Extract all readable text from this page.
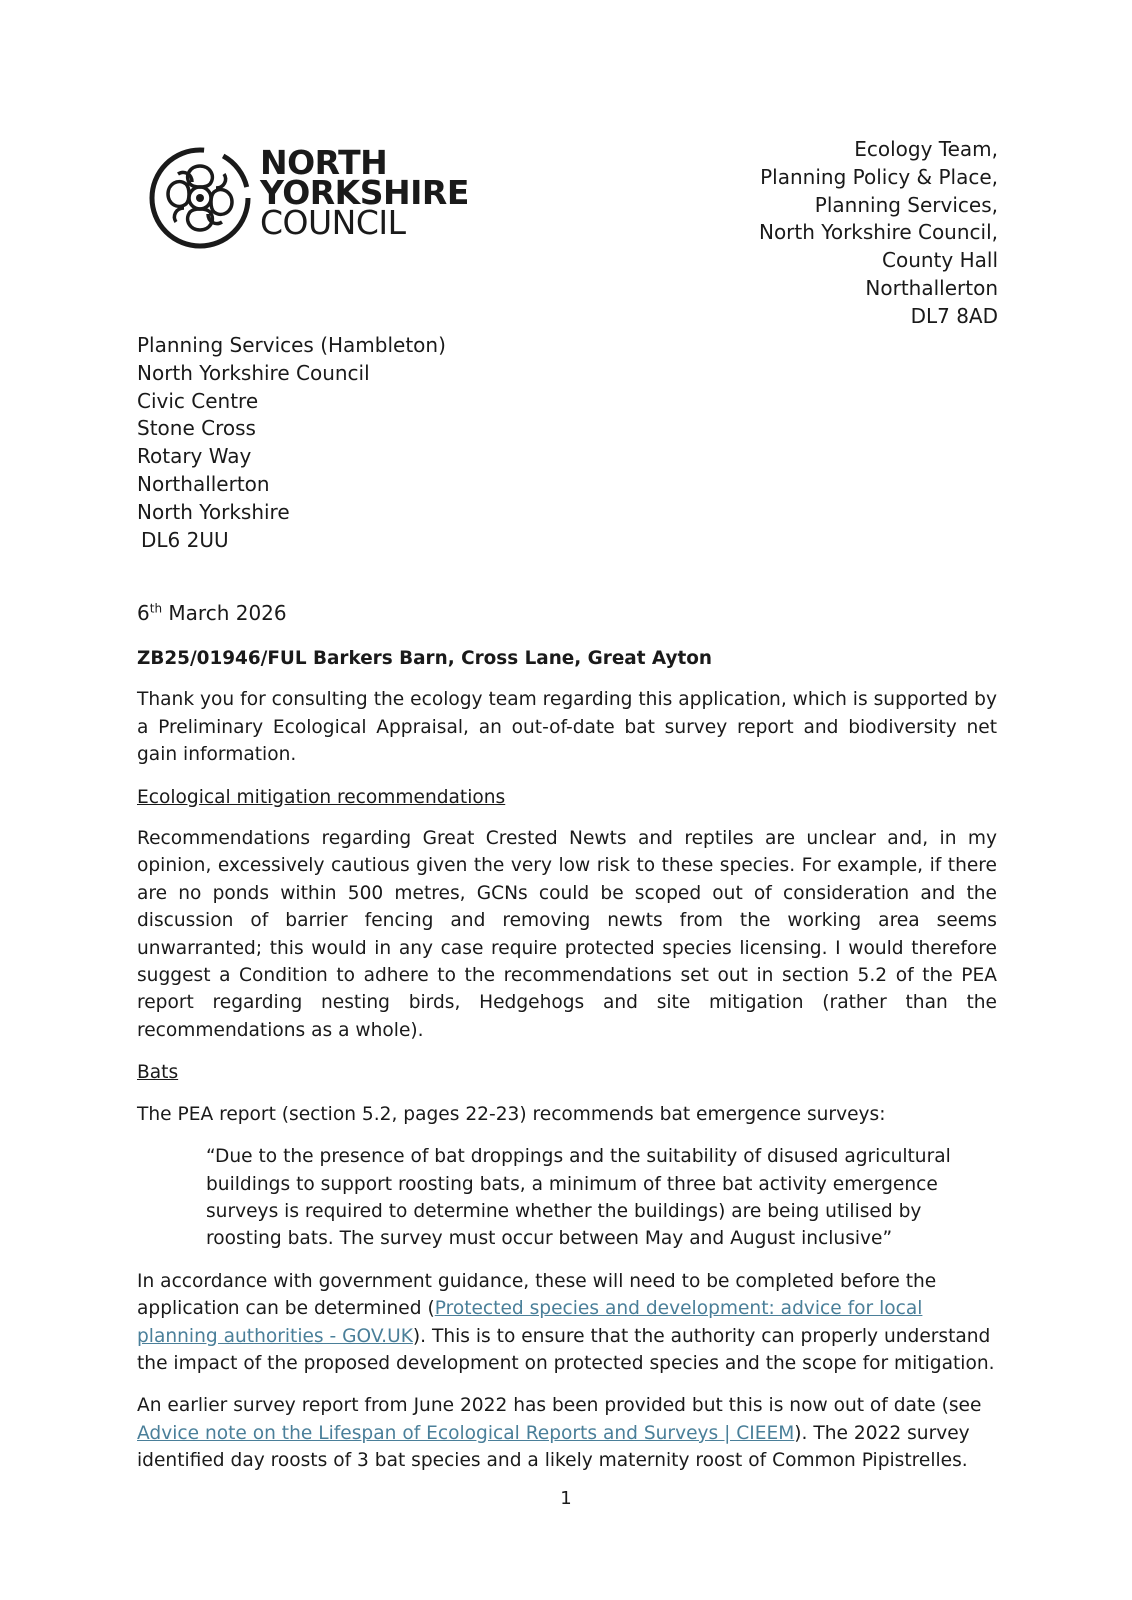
NORTH
YORKSHIRE
COUNCIL
Ecology Team,
Planning Policy & Place,
Planning Services,
North Yorkshire Council,
County Hall
Northallerton
DL7 8AD
Planning Services (Hambleton)
North Yorkshire Council
Civic Centre
Stone Cross
Rotary Way
Northallerton
North Yorkshire
DL6 2UU
6th March 2026

ZB25/01946/FUL Barkers Barn, Cross Lane, Great Ayton

Thank you for consulting the ecology team regarding this application, which is supported by a Preliminary Ecological Appraisal, an out-of-date bat survey report and biodiversity net gain information.

Ecological mitigation recommendations

Recommendations regarding Great Crested Newts and reptiles are unclear and, in my opinion, excessively cautious given the very low risk to these species. For example, if there are no ponds within 500 metres, GCNs could be scoped out of consideration and the discussion of barrier fencing and removing newts from the working area seems unwarranted; this would in any case require protected species licensing. I would therefore suggest a Condition to adhere to the recommendations set out in section 5.2 of the PEA report regarding nesting birds, Hedgehogs and site mitigation (rather than the recommendations as a whole).

Bats

The PEA report (section 5.2, pages 22-23) recommends bat emergence surveys:

“Due to the presence of bat droppings and the suitability of disused agricultural buildings to support roosting bats, a minimum of three bat activity emergence surveys is required to determine whether the buildings) are being utilised by roosting bats. The survey must occur between May and August inclusive”

In accordance with government guidance, these will need to be completed before the application can be determined (Protected species and development: advice for local planning authorities - GOV.UK). This is to ensure that the authority can properly understand the impact of the proposed development on protected species and the scope for mitigation.

An earlier survey report from June 2022 has been provided but this is now out of date (see Advice note on the Lifespan of Ecological Reports and Surveys | CIEEM). The 2022 survey identified day roosts of 3 bat species and a likely maternity roost of Common Pipistrelles.

1
